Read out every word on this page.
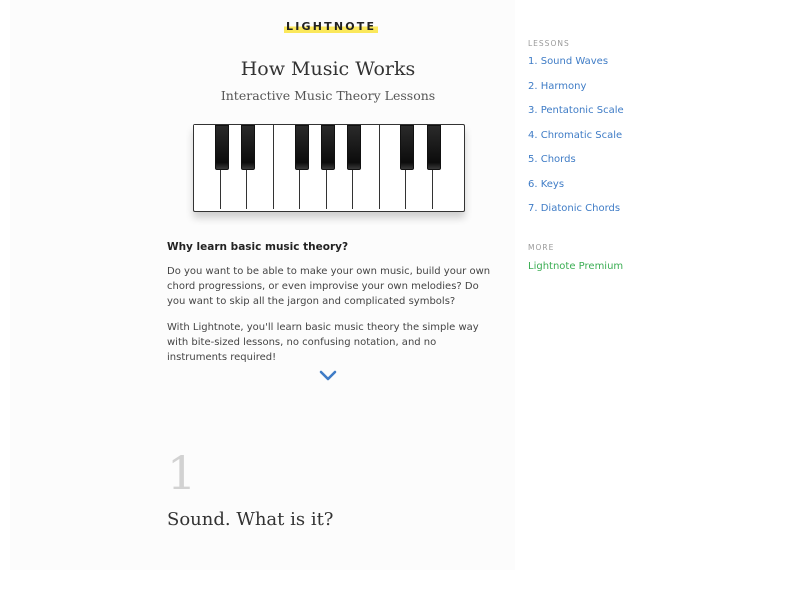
LIGHTNOTE
How Music Works
Interactive Music Theory Lessons
Why learn basic music theory?

Do you want to be able to make your own music, build your own chord progressions, or even improvise your own melodies? Do you want to skip all the jargon and complicated symbols?

With Lightnote, you'll learn basic music theory the simple way with bite-sized lessons, no confusing notation, and no instruments required!

1
Sound. What is it?
LESSONS
1. Sound Waves
2. Harmony
3. Pentatonic Scale
4. Chromatic Scale
5. Chords
6. Keys
7. Diatonic Chords
MORE
Lightnote Premium
